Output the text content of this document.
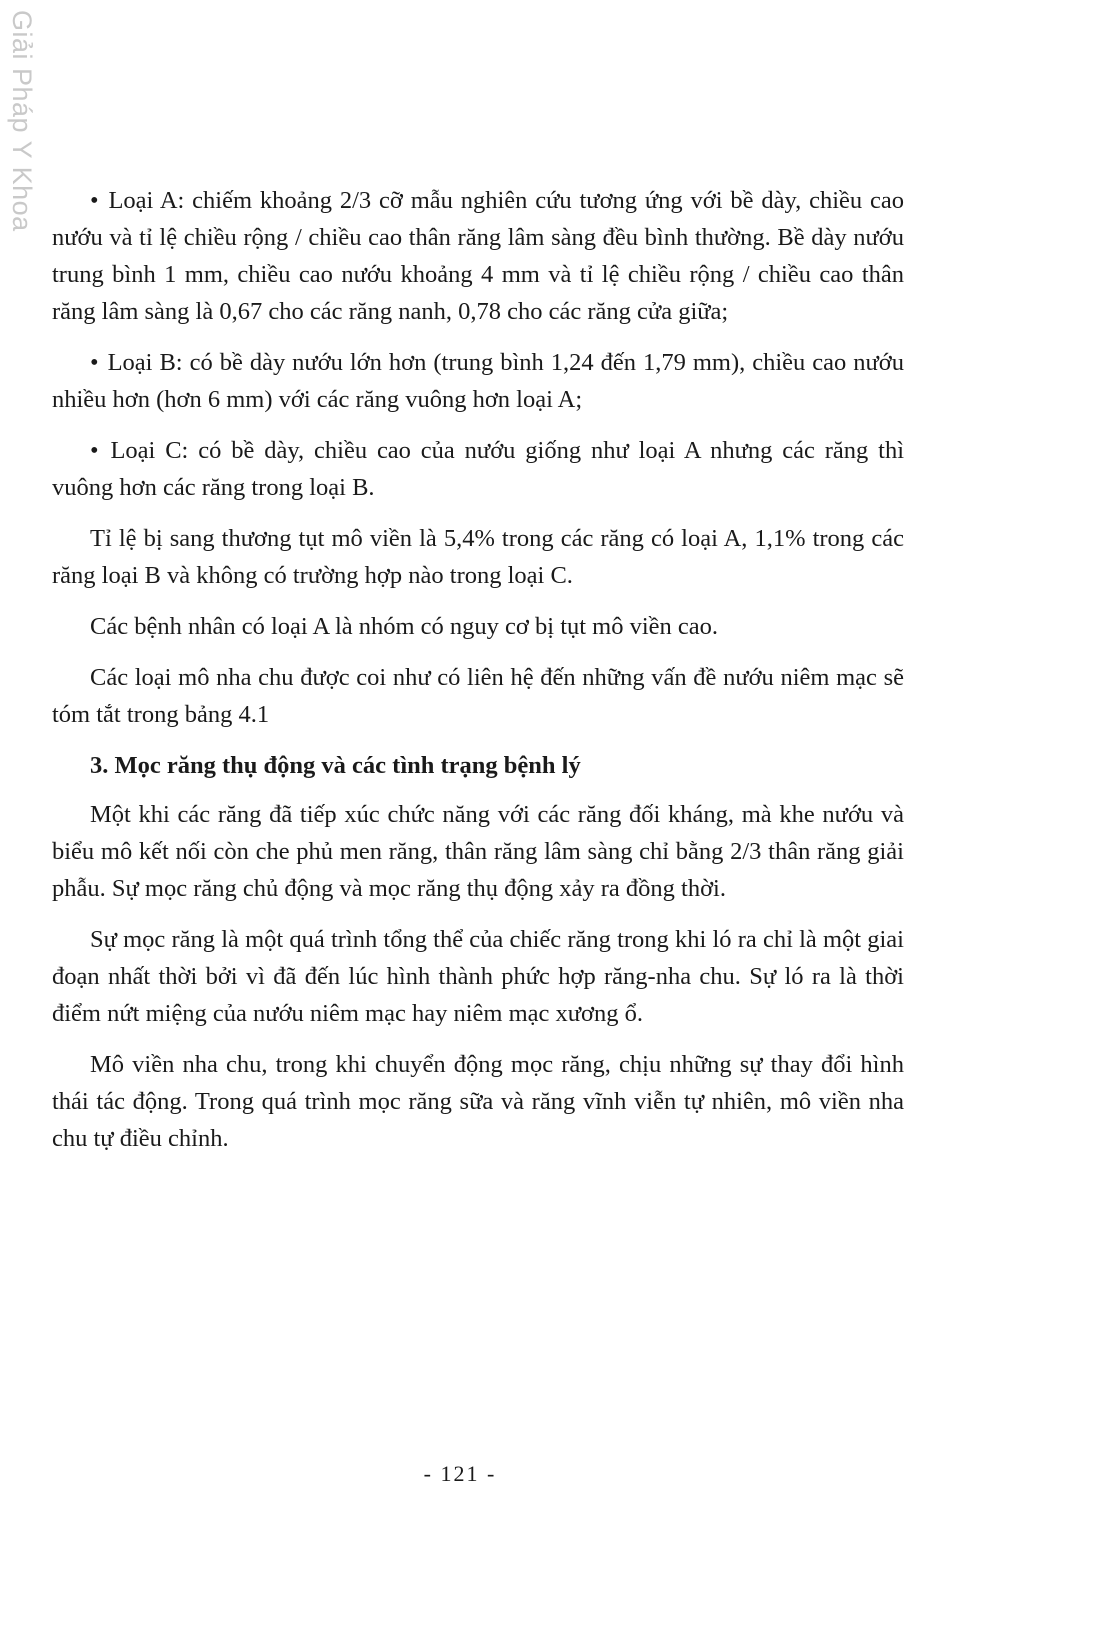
Giải Pháp Y Khoa	• Loại A: chiếm khoảng 2/3 cỡ mẫu nghiên cứu tương ứng với bề dày, chiều cao nướu và tỉ lệ chiều rộng / chiều cao thân răng lâm sàng đều bình thường. Bề dày nướu trung bình 1 mm, chiều cao nướu khoảng 4 mm và tỉ lệ chiều rộng / chiều cao thân răng lâm sàng là 0,67 cho các răng nanh, 0,78 cho các răng cửa giữa;

• Loại B: có bề dày nướu lớn hơn (trung bình 1,24 đến 1,79 mm), chiều cao nướu nhiều hơn (hơn 6 mm) với các răng vuông hơn loại A;

• Loại C: có bề dày, chiều cao của nướu giống như loại A nhưng các răng thì vuông hơn các răng trong loại B.

Tỉ lệ bị sang thương tụt mô viền là 5,4% trong các răng có loại A, 1,1% trong các răng loại B và không có trường hợp nào trong loại C.

Các bệnh nhân có loại A là nhóm có nguy cơ bị tụt mô viền cao.

Các loại mô nha chu được coi như có liên hệ đến những vấn đề nướu niêm mạc sẽ tóm tắt trong bảng 4.1

3. Mọc răng thụ động và các tình trạng bệnh lý

Một khi các răng đã tiếp xúc chức năng với các răng đối kháng, mà khe nướu và biểu mô kết nối còn che phủ men răng, thân răng lâm sàng chỉ bằng 2/3 thân răng giải phẫu. Sự mọc răng chủ động và mọc răng thụ động xảy ra đồng thời.

Sự mọc răng là một quá trình tổng thể của chiếc răng trong khi ló ra chỉ là một giai đoạn nhất thời bởi vì đã đến lúc hình thành phức hợp răng-nha chu. Sự ló ra là thời điểm nứt miệng của nướu niêm mạc hay niêm mạc xương ổ.

Mô viền nha chu, trong khi chuyển động mọc răng, chịu những sự thay đổi hình thái tác động. Trong quá trình mọc răng sữa và răng vĩnh viễn tự nhiên, mô viền nha chu tự điều chỉnh.

- 121 -
